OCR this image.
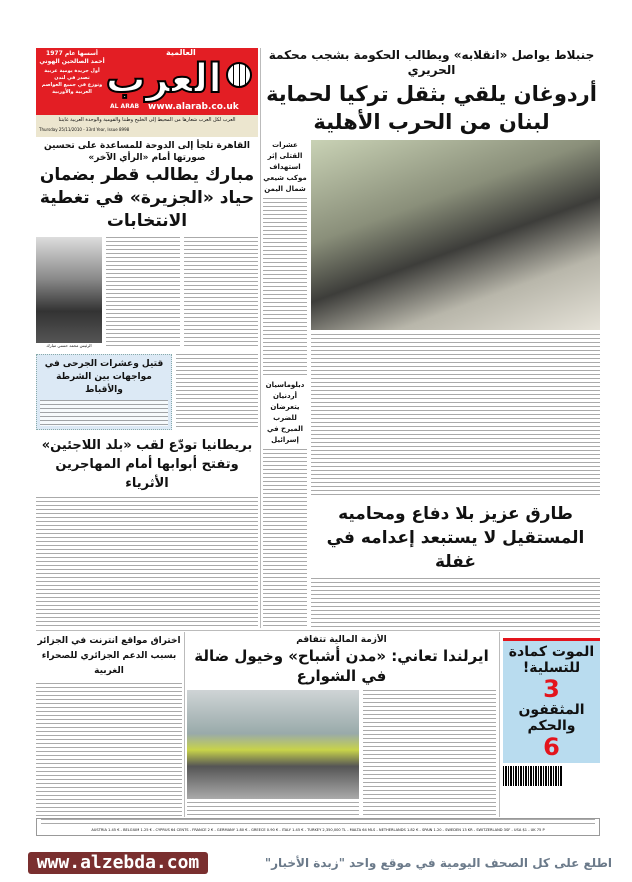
العرب
العالمية
AL ARAB www.alarab.co.uk
أسسها عام 1977
أحمد الصالحين الهوني
أول جريدة يومية عربية
تصدر في لندن
وتوزع في جميع العواصم
العربية والأوربية
العرب لكل العرب شعارها من المحيط إلى الخليج وطننا والقومية والوحدة العربية غايتنا
Thursday 25/11/2010 - 33rd Year, Issue 8998
القاهرة تلجأ إلى الدوحة للمساعدة على تحسين صورتها أمام «الرأي الآخر»
مبارك يطالب قطر بضمان حياد «الجزيرة» في تغطية الانتخابات
الرئيس محمد حسني مبارك
قتيل وعشرات الجرحى في مواجهات بين الشرطة والأقباط
بريطانيا تودّع لقب «بلد اللاجئين» وتفتح أبوابها أمام المهاجرين الأثرياء
جنبلاط يواصل «انقلابه» ويطالب الحكومة بشجب محكمة الحريري
أردوغان يلقي بثقل تركيا لحماية لبنان من الحرب الأهلية
عشرات القتلى إثر استهداف موكب شيعي شمال اليمن
دبلوماسيان أردنيان يتعرضان للضرب المبرح في إسرائيل
طارق عزيز بلا دفاع ومحاميه المستقيل لا يستبعد إعدامه في غفلة
اختراق مواقع انترنت في الجزائر بسبب الدعم الجزائري للصحراء الغربية
الأزمة المالية تتفاقم
ايرلندا تعاني: «مدن أشباح» وخيول ضالة في الشوارع
الموت كمادة للتسلية!
3
المثقفون والحكم
6
AUSTRIA 1.45 € - BELGIUM 1.25 € - CYPRUS 64 CENTS - FRANCE 2 € - GERMANY 1.80 € - GREECE 0.90 € - ITALY 1.45 € - TURKEY 2,350,000 TL - MALTA 64 MLS - NETHERLANDS 1.82 € - SPAIN 1.20 - SWEDEN 13 KR - SWITZERLAND 3SF - USA $1 - UK 75 P
www.alzebda.com	اطلع على كل الصحف اليومية في موقع واحد "زبدة الأخبار"
